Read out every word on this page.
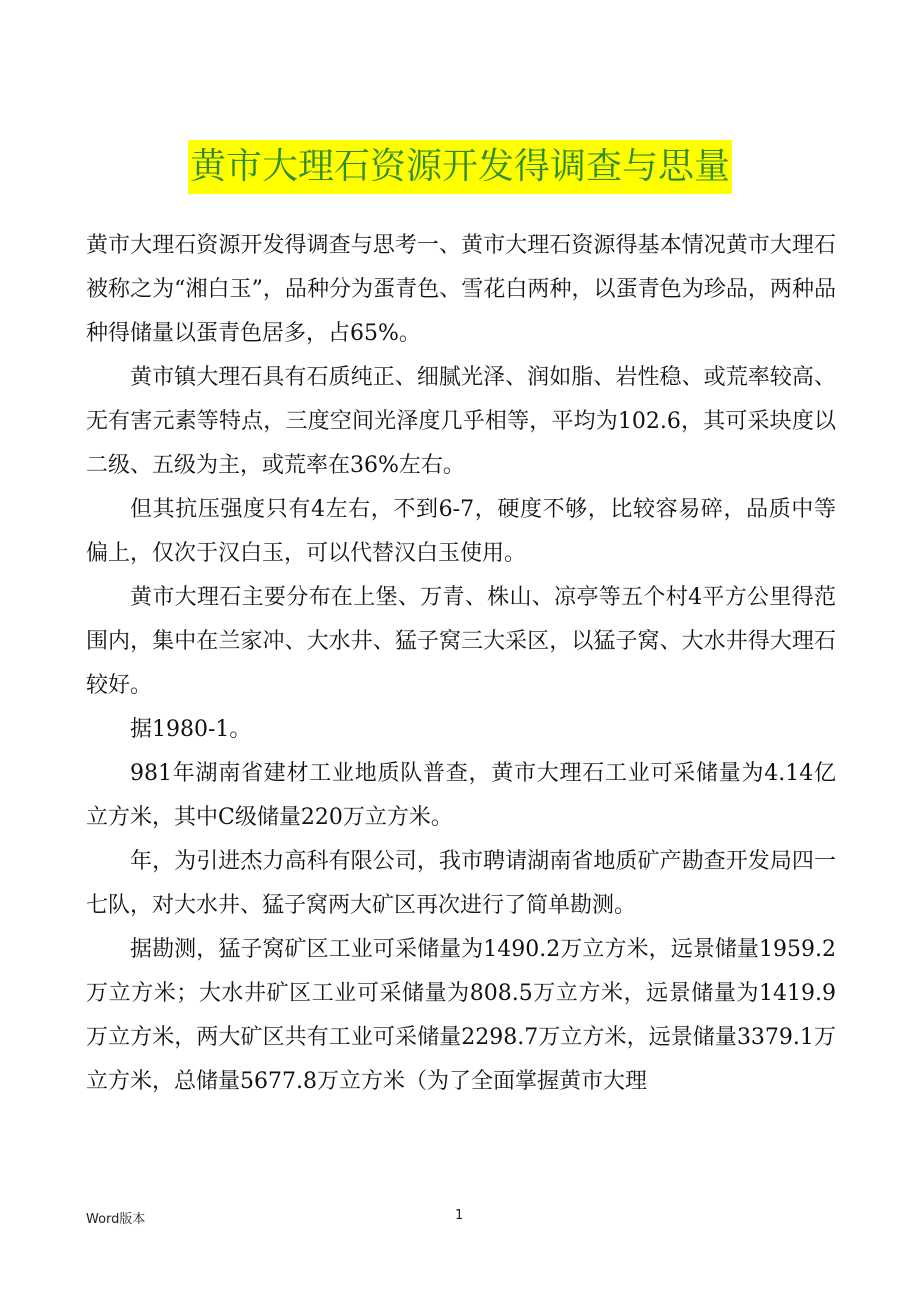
黄市大理石资源开发得调查与思量

黄市大理石资源开发得调查与思考一、黄市大理石资源得基本情况黄市大理石被称之为“湘白玉”，品种分为蛋青色、雪花白两种，以蛋青色为珍品，两种品种得储量以蛋青色居多，占65%。

黄市镇大理石具有石质纯正、细腻光泽、润如脂、岩性稳、或荒率较高、无有害元素等特点，三度空间光泽度几乎相等，平均为102.6，其可采块度以二级、五级为主，或荒率在36%左右。

但其抗压强度只有4左右，不到6-7，硬度不够，比较容易碎，品质中等偏上，仅次于汉白玉，可以代替汉白玉使用。

黄市大理石主要分布在上堡、万青、株山、凉亭等五个村4平方公里得范围内，集中在兰家冲、大水井、猛子窝三大采区，以猛子窝、大水井得大理石较好。

据1980-1。

981年湖南省建材工业地质队普查，黄市大理石工业可采储量为4.14亿立方米，其中C级储量220万立方米。

年，为引进杰力高科有限公司，我市聘请湖南省地质矿产勘查开发局四一七队，对大水井、猛子窝两大矿区再次进行了简单勘测。

据勘测，猛子窝矿区工业可采储量为1490.2万立方米，远景储量1959.2万立方米；大水井矿区工业可采储量为808.5万立方米，远景储量为1419.9万立方米，两大矿区共有工业可采储量2298.7万立方米，远景储量3379.1万立方米，总储量5677.8万立方米（为了全面掌握黄市大理

Word版本	1
